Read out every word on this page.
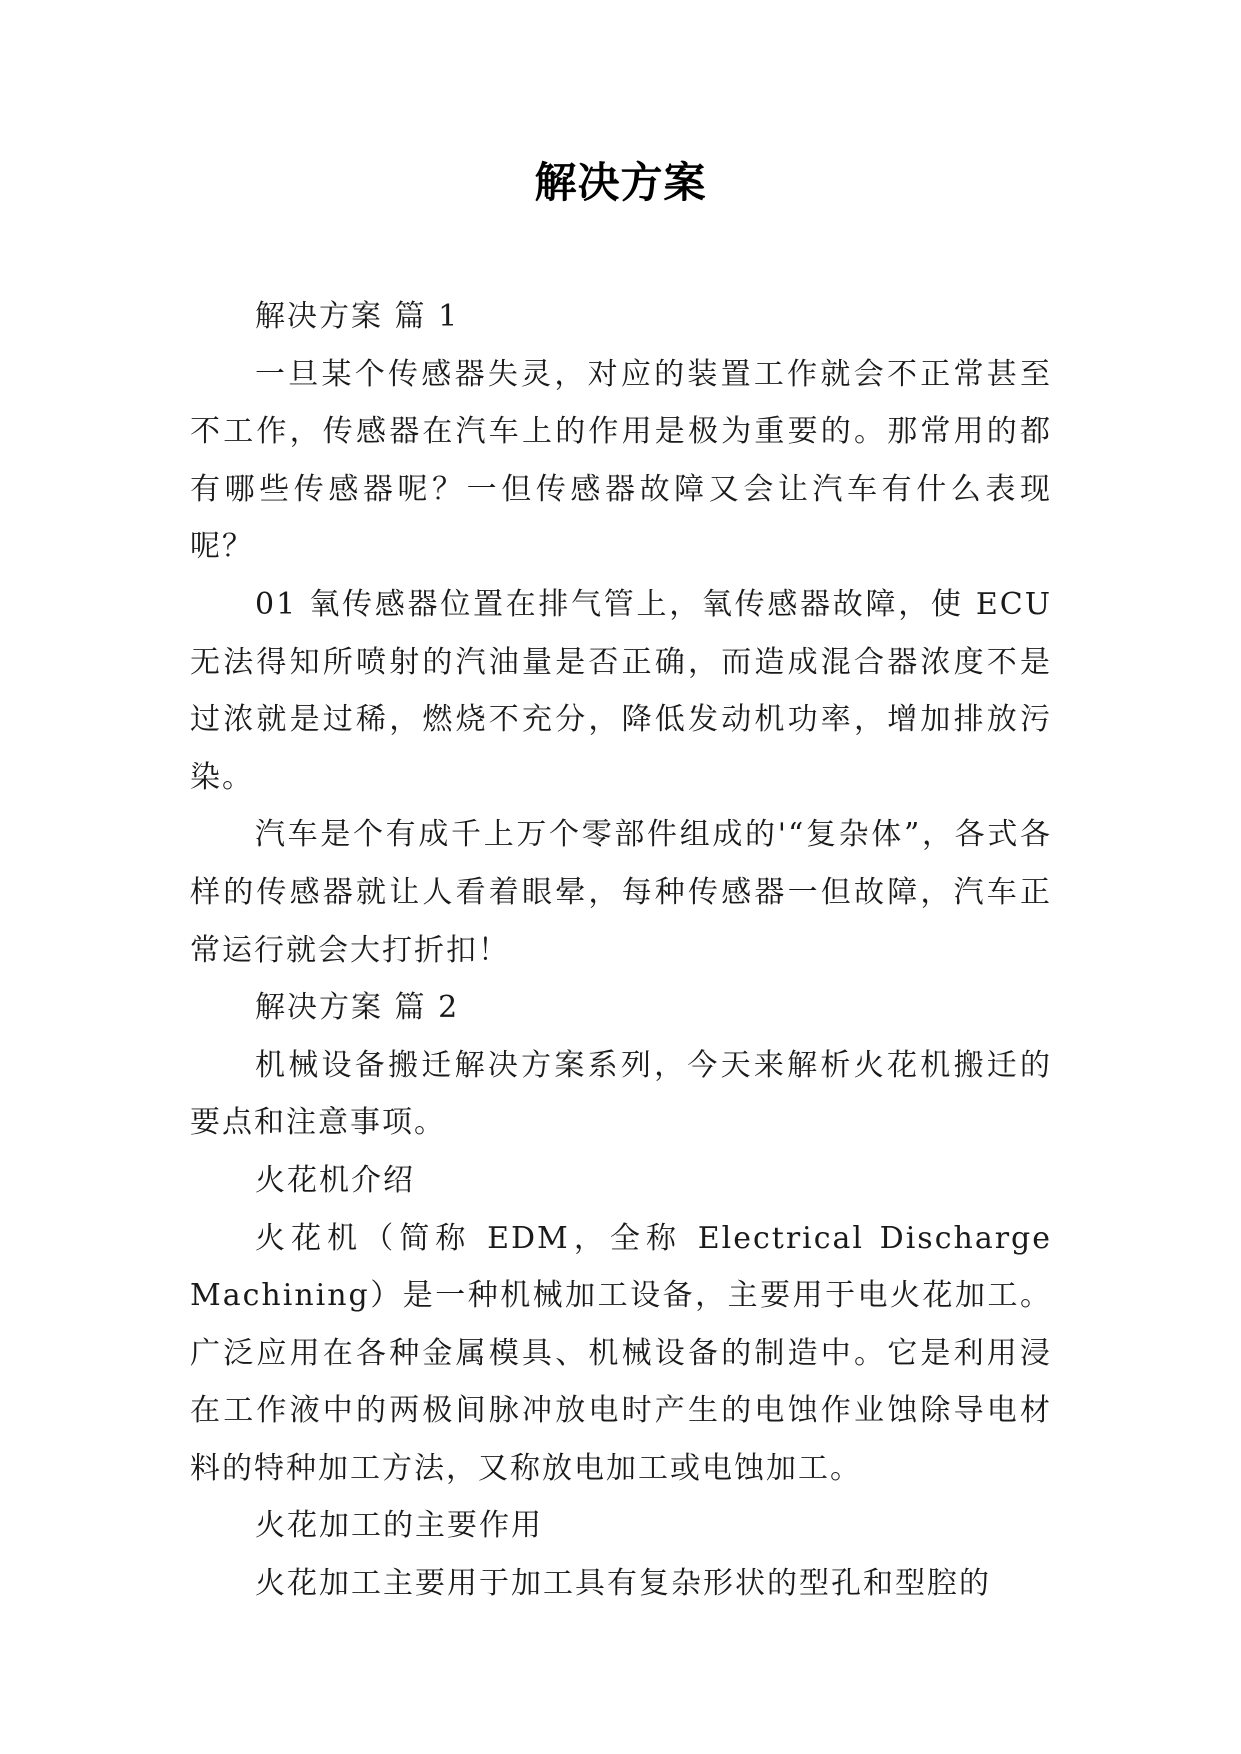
解决方案

解决方案 篇 1

一旦某个传感器失灵，对应的装置工作就会不正常甚至不工作，传感器在汽车上的作用是极为重要的。那常用的都有哪些传感器呢？一但传感器故障又会让汽车有什么表现呢？

01 氧传感器位置在排气管上，氧传感器故障，使 ECU 无法得知所喷射的汽油量是否正确，而造成混合器浓度不是过浓就是过稀，燃烧不充分，降低发动机功率，增加排放污染。

汽车是个有成千上万个零部件组成的'“复杂体”，各式各样的传感器就让人看着眼晕，每种传感器一但故障，汽车正常运行就会大打折扣！

解决方案 篇 2

机械设备搬迁解决方案系列，今天来解析火花机搬迁的要点和注意事项。

火花机介绍

火花机（简称 EDM，全称 Electrical Discharge Machining）是一种机械加工设备，主要用于电火花加工。广泛应用在各种金属模具、机械设备的制造中。它是利用浸在工作液中的两极间脉冲放电时产生的电蚀作业蚀除导电材料的特种加工方法，又称放电加工或电蚀加工。

火花加工的主要作用

火花加工主要用于加工具有复杂形状的型孔和型腔的
